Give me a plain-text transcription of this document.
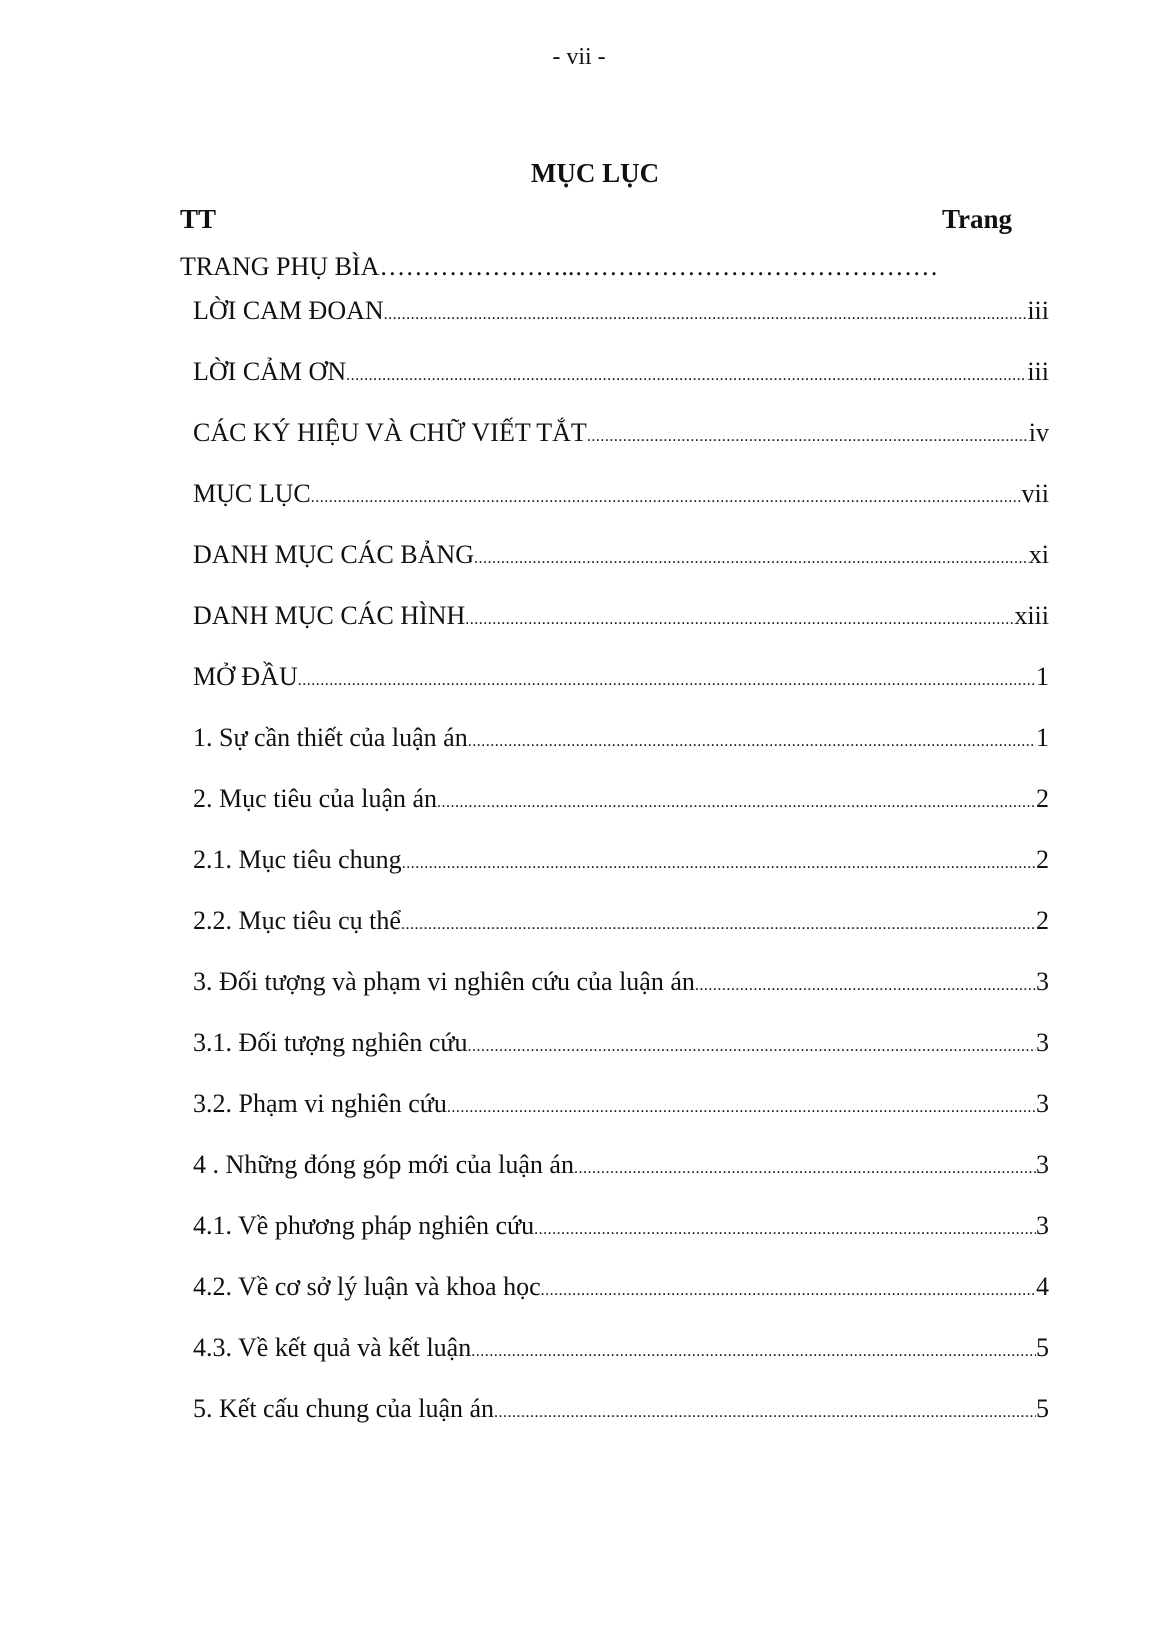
- vii -
MỤC LỤC
TT	Trang
TRANG PHỤ BÌA…………………..……………………………………
LỜI CAM ĐOAN .....	iii
LỜI CẢM ƠN .....	iii
CÁC KÝ HIỆU VÀ CHỮ VIẾT TẮT .....	iv
MỤC LỤC .....	vii
DANH MỤC CÁC BẢNG .....	xi
DANH MỤC CÁC HÌNH .....	xiii
MỞ ĐẦU .....	1
1. Sự cần thiết của luận án .....	1
2. Mục tiêu của luận án .....	2
2.1. Mục tiêu chung .....	2
2.2. Mục tiêu cụ thể .....	2
3. Đối tượng và phạm vi nghiên cứu của luận án .....	3
3.1. Đối tượng nghiên cứu .....	3
3.2. Phạm vi nghiên cứu .....	3
4 . Những đóng góp mới của luận án .....	3
4.1. Về phương pháp nghiên cứu .....	3
4.2. Về cơ sở lý luận và khoa học .....	4
4.3. Về kết quả và kết luận .....	5
5. Kết cấu chung của luận án .....	5
